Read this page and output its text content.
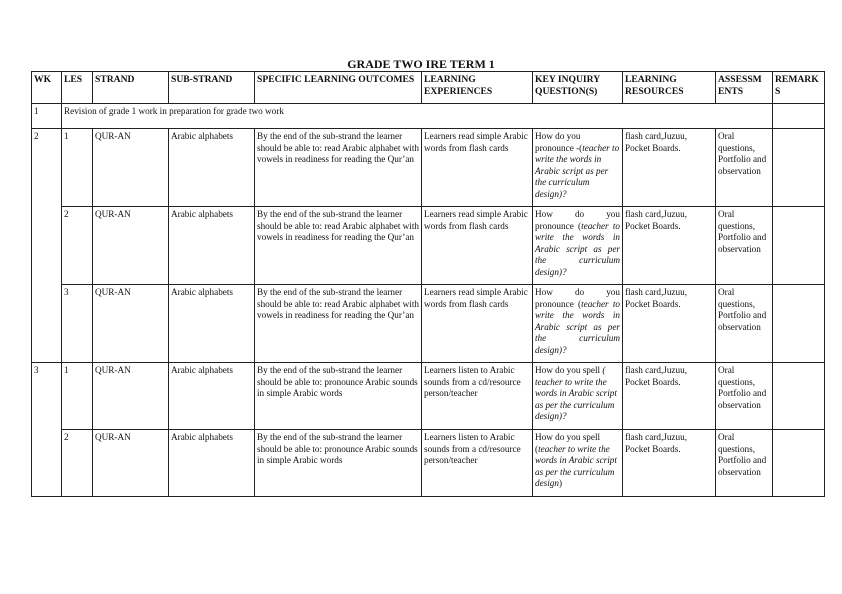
GRADE TWO IRE TERM 1
WK	LES	STRAND	SUB-STRAND	SPECIFIC LEARNING OUTCOMES	LEARNING EXPERIENCES	KEY INQUIRY QUESTION(S)	LEARNING RESOURCES	ASSESSM ENTS	REMARK S
1	Revision of grade 1 work in preparation for grade two work								
2	1	QUR-AN	Arabic alphabets	By the end of the sub-strand the learner should be able to: read Arabic alphabet with vowels in readiness for reading the Qur’an	Learners read simple Arabic words from flash cards	How do you pronounce -(teacher to write the words in Arabic script as per the curriculum design)?	flash card,Juzuu, Pocket Boards.	Oral questions, Portfolio and observation	
	2	QUR-AN	Arabic alphabets	By the end of the sub-strand the learner should be able to: read Arabic alphabet with vowels in readiness for reading the Qur’an	Learners read simple Arabic words from flash cards	How do you pronounce (teacher to write the words in Arabic script as per the curriculum design)?	flash card,Juzuu, Pocket Boards.	Oral questions, Portfolio and observation	
	3	QUR-AN	Arabic alphabets	By the end of the sub-strand the learner should be able to: read Arabic alphabet with vowels in readiness for reading the Qur’an	Learners read simple Arabic words from flash cards	How do you pronounce (teacher to write the words in Arabic script as per the curriculum design)?	flash card,Juzuu, Pocket Boards.	Oral questions, Portfolio and observation	
3	1	QUR-AN	Arabic alphabets	By the end of the sub-strand the learner should be able to: pronounce Arabic sounds in simple Arabic words	Learners listen to Arabic sounds from a cd/resource person/teacher	How do you spell ( teacher to write the words in Arabic script as per the curriculum design)?	flash card,Juzuu, Pocket Boards.	Oral questions, Portfolio and observation	
	2	QUR-AN	Arabic alphabets	By the end of the sub-strand the learner should be able to: pronounce Arabic sounds in simple Arabic words	Learners listen to Arabic sounds from a cd/resource person/teacher	How do you spell (teacher to write the words in Arabic script as per the curriculum design)	flash card,Juzuu, Pocket Boards.	Oral questions, Portfolio and observation	
